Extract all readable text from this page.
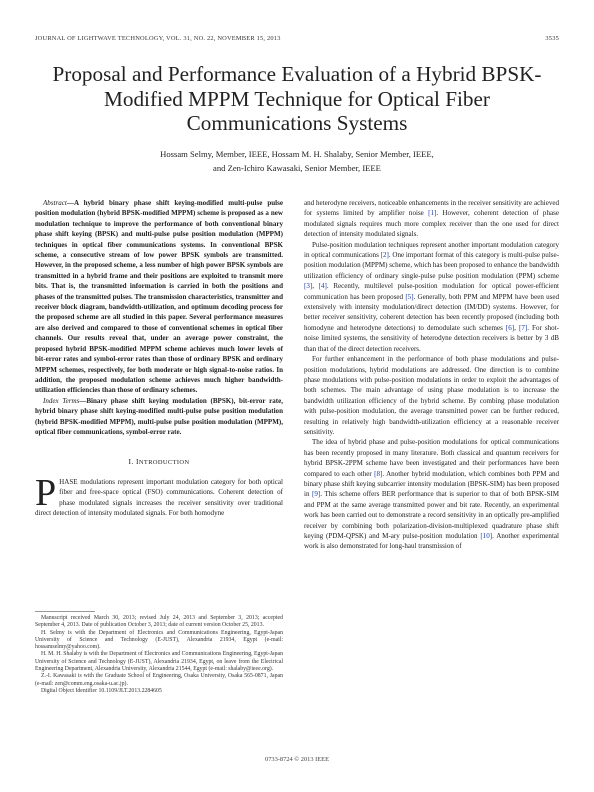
JOURNAL OF LIGHTWAVE TECHNOLOGY, VOL. 31, NO. 22, NOVEMBER 15, 2013	3535
Proposal and Performance Evaluation of a Hybrid BPSK-Modified MPPM Technique for Optical Fiber Communications Systems
Hossam Selmy, Member, IEEE, Hossam M. H. Shalaby, Senior Member, IEEE,
and Zen-Ichiro Kawasaki, Senior Member, IEEE

Abstract—A hybrid binary phase shift keying-modified multi-pulse pulse position modulation (hybrid BPSK-modified MPPM) scheme is proposed as a new modulation technique to improve the performance of both conventional binary phase shift keying (BPSK) and multi-pulse pulse position modulation (MPPM) techniques in optical fiber communications systems. In conventional BPSK scheme, a consecutive stream of low power BPSK symbols are transmitted. However, in the proposed scheme, a less number of high power BPSK symbols are transmitted in a hybrid frame and their positions are exploited to transmit more bits. That is, the transmitted information is carried in both the positions and phases of the transmitted pulses. The transmission characteristics, transmitter and receiver block diagram, bandwidth-utilization, and optimum decoding process for the proposed scheme are all studied in this paper. Several performance measures are also derived and compared to those of conventional schemes in optical fiber channels. Our results reveal that, under an average power constraint, the proposed hybrid BPSK-modified MPPM scheme achieves much lower levels of bit-error rates and symbol-error rates than those of ordinary BPSK and ordinary MPPM schemes, respectively, for both moderate or high signal-to-noise ratios. In addition, the proposed modulation scheme achieves much higher bandwidth-utilization efficiencies than those of ordinary schemes.

Index Terms—Binary phase shift keying modulation (BPSK), bit-error rate, hybrid binary phase shift keying-modified multi-pulse pulse position modulation (hybrid BPSK-modified MPPM), multi-pulse pulse position modulation (MPPM), optical fiber communications, symbol-error rate.

I. INTRODUCTION

PHASE modulations represent important modulation category for both optical fiber and free-space optical (FSO) communications. Coherent detection of phase modulated signals increases the receiver sensitivity over traditional direct detection of intensity modulated signals. For both homodyne

Manuscript received March 30, 2013; revised July 24, 2013 and September 3, 2013; accepted September 4, 2013. Date of publication October 3, 2013; date of current version October 25, 2013.

H. Selmy is with the Department of Electronics and Communications Engineering, Egypt-Japan University of Science and Technology (E-JUST), Alexandria 21934, Egypt (e-mail: hossamselmy@yahoo.com).

H. M. H. Shalaby is with the Department of Electronics and Communications Engineering, Egypt-Japan University of Science and Technology (E-JUST), Alexandria 21934, Egypt, on leave from the Electrical Engineering Department, Alexandria University, Alexandria 21544, Egypt (e-mail: shalaby@ieee.org).

Z.-I. Kawasaki is with the Graduate School of Engineering, Osaka University, Osaka 565-0871, Japan (e-mail: zen@comm.eng.osaka-u.ac.jp).

Digital Object Identifier 10.1109/JLT.2013.2284605

and heterodyne receivers, noticeable enhancements in the receiver sensitivity are achieved for systems limited by amplifier noise [1]. However, coherent detection of phase modulated signals requires much more complex receiver than the one used for direct detection of intensity modulated signals.

Pulse-position modulation techniques represent another important modulation category in optical communications [2]. One important format of this category is multi-pulse pulse-position modulation (MPPM) scheme, which has been proposed to enhance the bandwidth utilization efficiency of ordinary single-pulse pulse position modulation (PPM) scheme [3], [4]. Recently, multilevel pulse-position modulation for optical power-efficient communication has been proposed [5]. Generally, both PPM and MPPM have been used extensively with intensity modulation/direct detection (IM/DD) systems. However, for better receiver sensitivity, coherent detection has been recently proposed (including both homodyne and heterodyne detections) to demodulate such schemes [6], [7]. For shot-noise limited systems, the sensitivity of heterodyne detection receivers is better by 3 dB than that of the direct detection receivers.

For further enhancement in the performance of both phase modulations and pulse-position modulations, hybrid modulations are addressed. One direction is to combine phase modulations with pulse-position modulations in order to exploit the advantages of both schemes. The main advantage of using phase modulation is to increase the bandwidth utilization efficiency of the hybrid scheme. By combing phase modulation with pulse-position modulation, the average transmitted power can be further reduced, resulting in relatively high bandwidth-utilization efficiency at a reasonable receiver sensitivity.

The idea of hybrid phase and pulse-position modulations for optical communications has been recently proposed in many literature. Both classical and quantum receivers for hybrid BPSK-2PPM scheme have been investigated and their performances have been compared to each other [8]. Another hybrid modulation, which combines both PPM and binary phase shift keying subcarrier intensity modulation (BPSK-SIM) has been proposed in [9]. This scheme offers BER performance that is superior to that of both BPSK-SIM and PPM at the same average transmitted power and bit rate. Recently, an experimental work has been carried out to demonstrate a record sensitivity in an optically pre-amplified receiver by combining both polarization-division-multiplexed quadrature phase shift keying (PDM-QPSK) and M-ary pulse-position modulation [10]. Another experimental work is also demonstrated for long-haul transmission of

0733-8724 © 2013 IEEE
